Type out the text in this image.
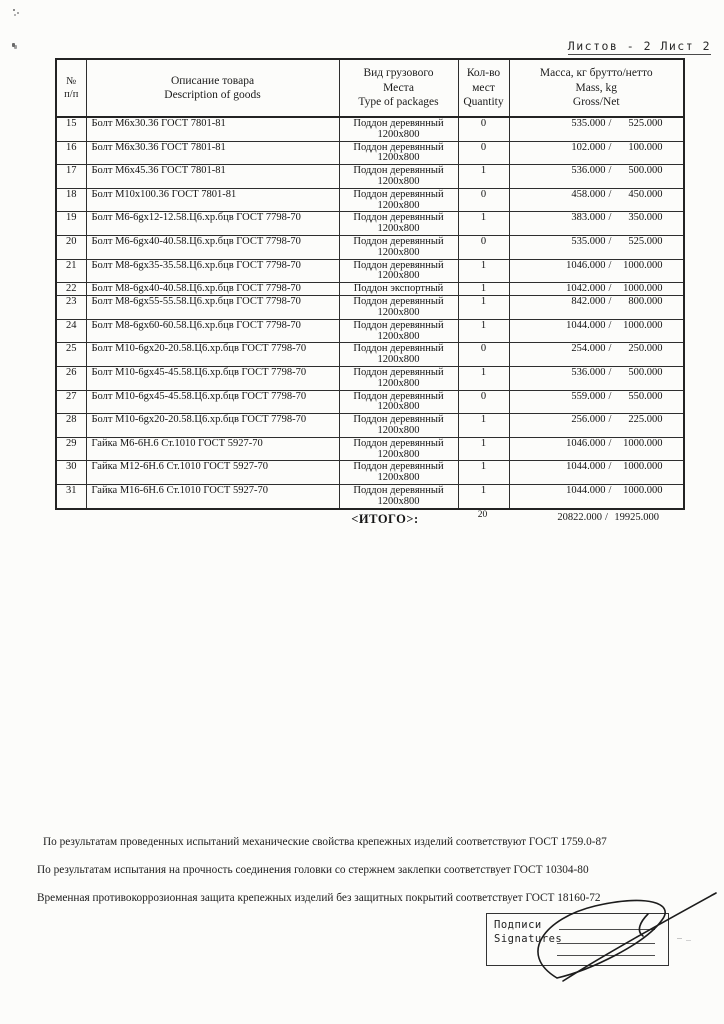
Листов - 2 Лист 2
№
п/п

Описание товара
Description of goods

Вид грузового
Места
Type of packages

Кол-во
мест
Quantity

Масса, кг брутто/нетто
Mass, kg
Gross/Net

15	Болт М6х30.36 ГОСТ 7801-81	Поддон деревянный
1200х800
	0	535.000 /	525.000

16	Болт М6х30.36 ГОСТ 7801-81	Поддон деревянный
1200х800
	0	102.000 /	100.000

17	Болт М6х45.36 ГОСТ 7801-81	Поддон деревянный
1200х800
	1	536.000 /	500.000

18	Болт М10х100.36 ГОСТ 7801-81	Поддон деревянный
1200х800
	0	458.000 /	450.000

19	Болт М6-6gх12-12.58.Ц6.хр.бцв ГОСТ 7798-70	Поддон деревянный
1200х800
	1	383.000 /	350.000

20	Болт М6-6gх40-40.58.Ц6.хр.бцв ГОСТ 7798-70	Поддон деревянный
1200х800
	0	535.000 /	525.000

21	Болт М8-6gх35-35.58.Ц6.хр.бцв ГОСТ 7798-70	Поддон деревянный
1200х800
	1	1046.000 /	1000.000

22	Болт М8-6gх40-40.58.Ц6.хр.бцв ГОСТ 7798-70	Поддон экспортный	1	1042.000 / 1000.000

23	Болт М8-6gх55-55.58.Ц6.хр.бцв ГОСТ 7798-70	Поддон деревянный
1200х800
	1	842.000 /	800.000

24	Болт М8-6gх60-60.58.Ц6.хр.бцв ГОСТ 7798-70	Поддон деревянный
1200х800
	1	1044.000 /	1000.000

25	Болт М10-6gх20-20.58.Ц6.хр.бцв ГОСТ 7798-70	Поддон деревянный
1200х800
	0	254.000 /	250.000

26	Болт М10-6gх45-45.58.Ц6.хр.бцв ГОСТ 7798-70	Поддон деревянный
1200х800
	1	536.000 /	500.000

27	Болт М10-6gх45-45.58.Ц6.хр.бцв ГОСТ 7798-70	Поддон деревянный
1200х800
	0	559.000 /	550.000

28	Болт М10-6gх20-20.58.Ц6.хр.бцв ГОСТ 7798-70	Поддон деревянный
1200х800
	1	256.000 /	225.000

29	Гайка М6-6Н.6 Ст.1010 ГОСТ 5927-70	Поддон деревянный
1200х800
	1	1046.000 /	1000.000

30	Гайка М12-6Н.6 Ст.1010 ГОСТ 5927-70	Поддон деревянный
1200х800
	1	1044.000 /	1000.000

31	Гайка М16-6Н.6 Ст.1010 ГОСТ 5927-70	Поддон деревянный
1200х800
	1	1044.000 /	1000.000
<ИТОГО>:	20	20822.000 / 19925.000
По результатам проведенных испытаний механические свойства крепежных изделий соответствуют ГОСТ 1759.0-87
По результатам испытания на прочность соединения головки со стержнем заклепки соответствует ГОСТ 10304-80
Временная противокоррозионная защита крепежных изделий без защитных покрытий соответствует ГОСТ 18160-72
Подписи
Signatures
